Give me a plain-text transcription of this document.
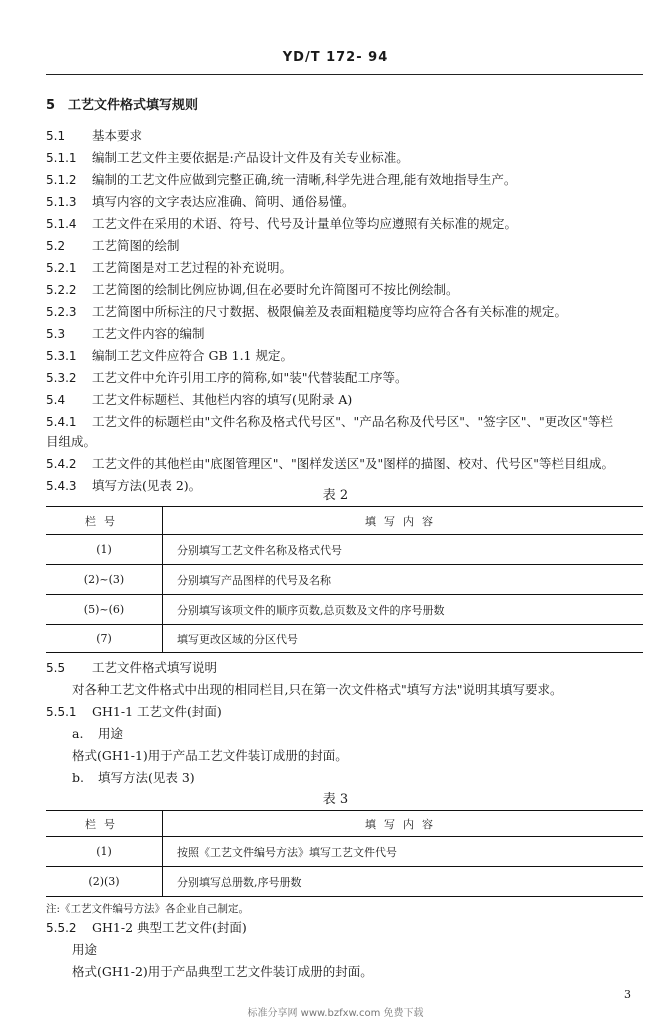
YD/T 172- 94
5 工艺文件格式填写规则
5.1 基本要求
5.1.1 编制工艺文件主要依据是:产品设计文件及有关专业标准。
5.1.2 编制的工艺文件应做到完整正确,统一清晰,科学先进合理,能有效地指导生产。
5.1.3 填写内容的文字表达应准确、简明、通俗易懂。
5.1.4 工艺文件在采用的术语、符号、代号及计量单位等均应遵照有关标准的规定。
5.2 工艺简图的绘制
5.2.1 工艺简图是对工艺过程的补充说明。
5.2.2 工艺简图的绘制比例应协调,但在必要时允许简图可不按比例绘制。
5.2.3 工艺简图中所标注的尺寸数据、极限偏差及表面粗糙度等均应符合各有关标准的规定。
5.3 工艺文件内容的编制
5.3.1 编制工艺文件应符合 GB 1.1 规定。
5.3.2 工艺文件中允许引用工序的简称,如"装"代替装配工序等。
5.4 工艺文件标题栏、其他栏内容的填写(见附录 A)
5.4.1 工艺文件的标题栏由"文件名称及格式代号区"、"产品名称及代号区"、"签字区"、"更改区"等栏
目组成。
5.4.2 工艺文件的其他栏由"底图管理区"、"图样发送区"及"图样的描图、校对、代号区"等栏目组成。
5.4.3 填写方法(见表 2)。
表 2
栏号	填写内容
(1)	分别填写工艺文件名称及格式代号
(2)~(3)	分别填写产品图样的代号及名称
(5)~(6)	分别填写该项文件的顺序页数,总页数及文件的序号册数
(7)	填写更改区域的分区代号
5.5 工艺文件格式填写说明
对各种工艺文件格式中出现的相同栏目,只在第一次文件格式"填写方法"说明其填写要求。
5.5.1 GH1-1 工艺文件(封面)
a. 用途
格式(GH1-1)用于产品工艺文件装订成册的封面。
b. 填写方法(见表 3)
表 3
栏号	填写内容
(1)	按照《工艺文件编号方法》填写工艺文件代号
(2)(3)	分别填写总册数,序号册数
注:《工艺文件编号方法》各企业自己制定。
5.5.2 GH1-2 典型工艺文件(封面)
用途
格式(GH1-2)用于产品典型工艺文件装订成册的封面。
3
标准分享网 www.bzfxw.com 免费下载
